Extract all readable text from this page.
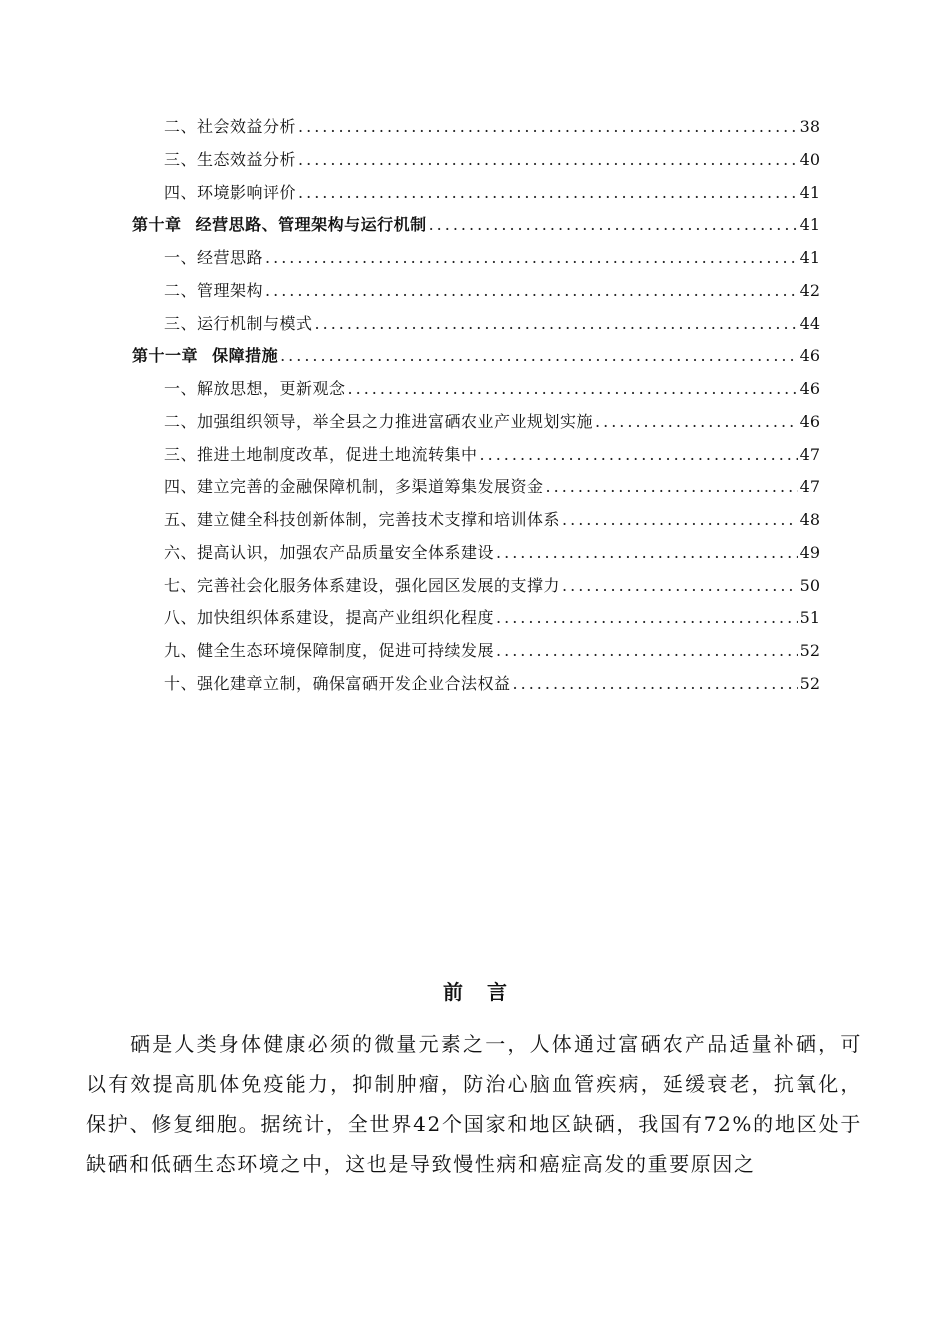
二、社会效益分析 .....	38
三、生态效益分析 .....	40
四、环境影响评价 .....	41
第十章 经营思路、管理架构与运行机制 .....	41
一、经营思路 .....	41
二、管理架构 .....	42
三、运行机制与模式 .....	44
第十一章 保障措施 .....	46
一、解放思想，更新观念 .....	46
二、加强组织领导，举全县之力推进富硒农业产业规划实施 .....	46
三、推进土地制度改革，促进土地流转集中 .....	47
四、建立完善的金融保障机制，多渠道筹集发展资金 .....	47
五、建立健全科技创新体制，完善技术支撑和培训体系 .....	48
六、提高认识，加强农产品质量安全体系建设 .....	49
七、完善社会化服务体系建设，强化园区发展的支撑力 .....	50
八、加快组织体系建设，提高产业组织化程度 .....	51
九、健全生态环境保障制度，促进可持续发展 .....	52
十、强化建章立制，确保富硒开发企业合法权益 .....	52
前言
硒是人类身体健康必须的微量元素之一，人体通过富硒农产品适量补硒，可以有效提高肌体免疫能力，抑制肿瘤，防治心脑血管疾病，延缓衰老，抗氧化，保护、修复细胞。据统计，全世界42个国家和地区缺硒，我国有72%的地区处于缺硒和低硒生态环境之中，这也是导致慢性病和癌症高发的重要原因之
